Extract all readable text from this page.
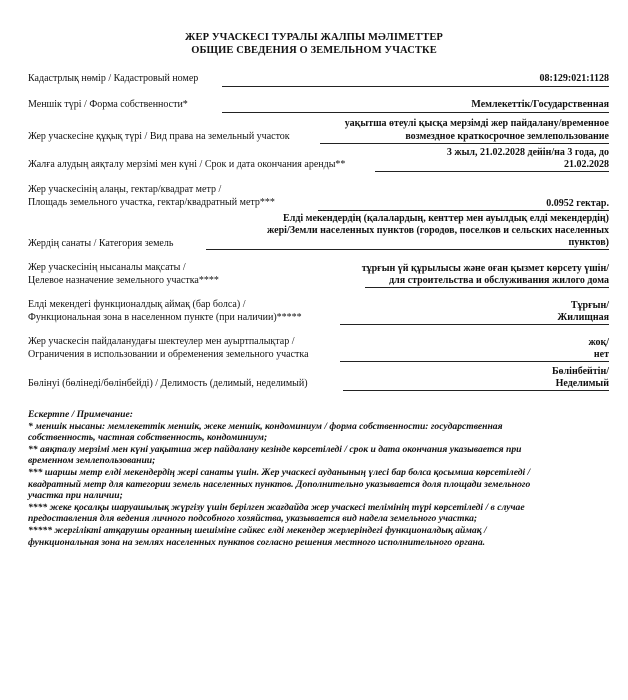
ЖЕР УЧАСКЕСІ ТУРАЛЫ ЖАЛПЫ МӘЛІМЕТТЕР
ОБЩИЕ СВЕДЕНИЯ О ЗЕМЕЛЬНОМ УЧАСТКЕ
Кадастрлық нөмір / Кадастровый номер	08:129:021:1128
Меншік түрі / Форма собственности*	Мемлекеттік/Государственная
уақытша өтеулі қысқа мерзімді жер пайдалану/временное
Жер учаскесіне құқық түрі / Вид права на земельный участок	возмездное краткосрочное землепользование
3 жыл, 21.02.2028 дейін/на 3 года, до
Жалға алудың аяқталу мерзімі мен күні / Срок и дата окончания аренды**	21.02.2028
Жер учаскесінің алаңы, гектар/квадрат метр /
Площадь земельного участка, гектар/квадратный метр***	0.0952 гектар.
Елді мекендердің (қалалардың, кенттер мен ауылдық елді мекендердің)
жері/Земли населенных пунктов (городов, поселков и сельских населенных
Жердің санаты / Категория земель	пунктов)
Жер учаскесінің нысаналы мақсаты /	тұрғын үй құрылысы және оған қызмет көрсету үшін/
Целевое назначение земельного участка****	для строительства и обслуживания жилого дома
Елді мекендегі функционалдық аймақ (бар болса) /	Тұрғын/
Функциональная зона в населенном пункте (при наличии)*****	Жилищная
Жер учаскесін пайдаланудағы шектеулер мен ауыртпалықтар /	жоқ/
Ограничения в использовании и обременения земельного участка	нет
Бөлінбейтін/
Бөлінуі (бөлінеді/бөлінбейді) / Делимость (делимый, неделимый)	Неделимый
Ескертпе / Примечание:
* меншік нысаны: мемлекеттік меншік, жеке меншік, кондоминиум / форма собственности: государственная
собственность, частная собственность, кондоминиум;
** аяқталу мерзімі мен күні уақытша жер пайдалану кезінде көрсетіледі / срок и дата окончания указывается при
временном землепользовании;
*** шаршы метр елді мекендердің жері санаты үшін. Жер учаскесі ауданының үлесі бар болса қосымша көрсетіледі /
квадратный метр для категории земель населенных пунктов. Дополнительно указывается доля площади земельного
участка при наличии;
**** жеке қосалқы шаруашылық жүргізу үшін берілген жағдайда жер учаскесі телімінің түрі көрсетіледі / в случае
предоставления для ведения личного подсобного хозяйства, указывается вид надела земельного участка;
***** жергілікті атқарушы органның шешіміне сәйкес елді мекендер жерлеріндегі функционалдық аймақ /
функциональная зона на землях населенных пунктов согласно решения местного исполнительного органа.
